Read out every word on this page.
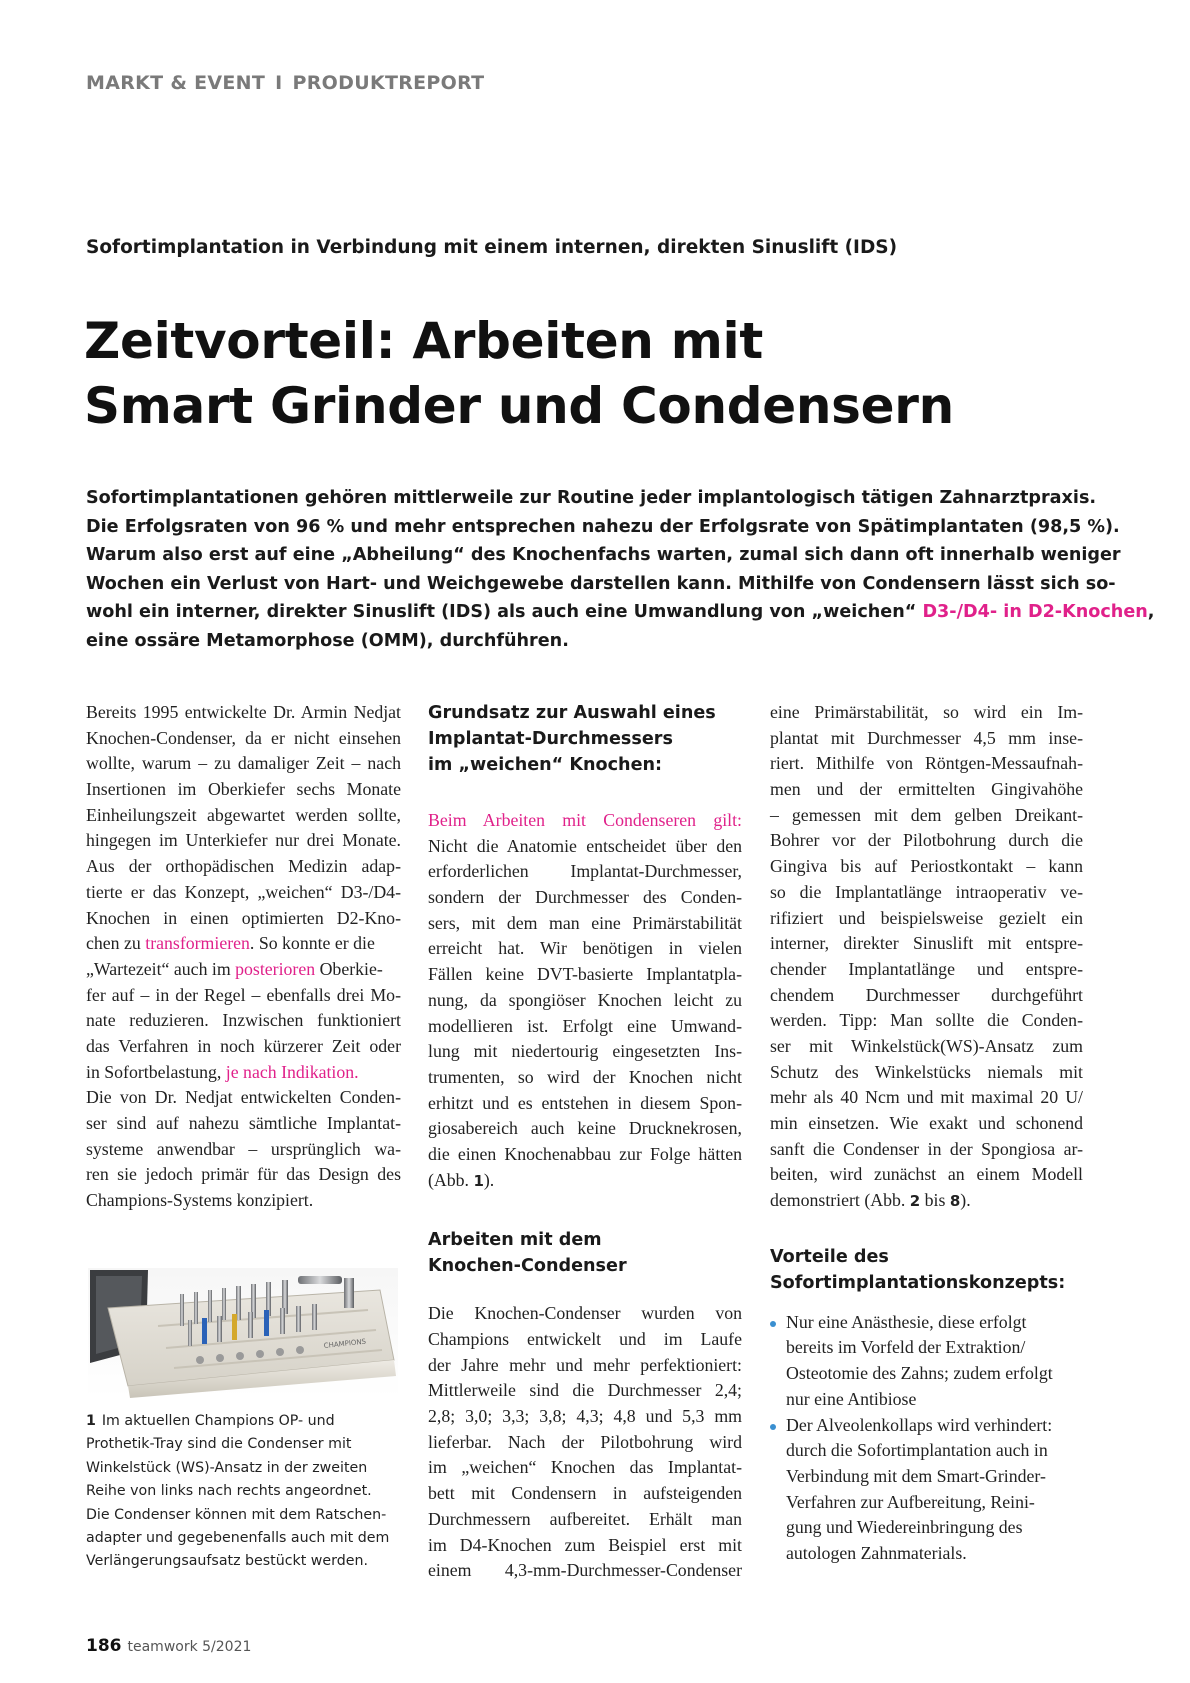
MARKT & EVENT I PRODUKTREPORT
Sofortimplantation in Verbindung mit einem internen, direkten Sinuslift (IDS)
Zeitvorteil: Arbeiten mit
Smart Grinder und Condensern
Sofortimplantationen gehören mittlerweile zur Routine jeder implantologisch tätigen Zahnarztpraxis.
Die Erfolgsraten von 96 % und mehr entsprechen nahezu der Erfolgsrate von Spätimplantaten (98,5 %).
Warum also erst auf eine „Abheilung“ des Knochenfachs warten, zumal sich dann oft innerhalb weniger
Wochen ein Verlust von Hart- und Weichgewebe darstellen kann. Mithilfe von Condensern lässt sich so-
wohl ein interner, direkter Sinuslift (IDS) als auch eine Umwandlung von „weichen“ D3-/D4- in D2-Knochen,
eine ossäre Metamorphose (OMM), durchführen.
Bereits 1995 entwickelte Dr. Armin Nedjat
Knochen-Condenser, da er nicht einsehen
wollte, warum – zu damaliger Zeit – nach
Insertionen im Oberkiefer sechs Monate
Einheilungszeit abgewartet werden sollte,
hingegen im Unterkiefer nur drei Monate.
Aus der orthopädischen Medizin adap-
tierte er das Konzept, „weichen“ D3-/D4-
Knochen in einen optimierten D2-Kno-
chen zu transformieren. So konnte er die
„Wartezeit“ auch im posterioren Oberkie-
fer auf – in der Regel – ebenfalls drei Mo-
nate reduzieren. Inzwischen funktioniert
das Verfahren in noch kürzerer Zeit oder
in Sofortbelastung, je nach Indikation.
Die von Dr. Nedjat entwickelten Conden-
ser sind auf nahezu sämtliche Implantat-
systeme anwendbar – ursprünglich wa-
ren sie jedoch primär für das Design des
Champions-Systems konzipiert.
CHAMPIONS
1 Im aktuellen Champions OP- und
Prothetik-Tray sind die Condenser mit
Winkelstück (WS)-Ansatz in der zweiten
Reihe von links nach rechts angeordnet.
Die Condenser können mit dem Ratschen-
adapter und gegebenenfalls auch mit dem
Verlängerungsaufsatz bestückt werden.
Grundsatz zur Auswahl eines
Implantat-Durchmessers
im „weichen“ Knochen:
Beim Arbeiten mit Condenseren gilt:
Nicht die Anatomie entscheidet über den
erforderlichen Implantat-Durchmesser,
sondern der Durchmesser des Conden-
sers, mit dem man eine Primärstabilität
erreicht hat. Wir benötigen in vielen
Fällen keine DVT-basierte Implantatpla-
nung, da spongiöser Knochen leicht zu
modellieren ist. Erfolgt eine Umwand-
lung mit niedertourig eingesetzten Ins-
trumenten, so wird der Knochen nicht
erhitzt und es entstehen in diesem Spon-
giosabereich auch keine Drucknekrosen,
die einen Knochenabbau zur Folge hätten
(Abb. 1).
Arbeiten mit dem
Knochen-Condenser
Die Knochen-Condenser wurden von
Champions entwickelt und im Laufe
der Jahre mehr und mehr perfektioniert:
Mittlerweile sind die Durchmesser 2,4;
2,8; 3,0; 3,3; 3,8; 4,3; 4,8 und 5,3 mm
lieferbar. Nach der Pilotbohrung wird
im „weichen“ Knochen das Implantat-
bett mit Condensern in aufsteigenden
Durchmessern aufbereitet. Erhält man
im D4-Knochen zum Beispiel erst mit
einem 4,3-mm-Durchmesser-Condenser
eine Primärstabilität, so wird ein Im-
plantat mit Durchmesser 4,5 mm inse-
riert. Mithilfe von Röntgen-Messaufnah-
men und der ermittelten Gingivahöhe
– gemessen mit dem gelben Dreikant-
Bohrer vor der Pilotbohrung durch die
Gingiva bis auf Periostkontakt – kann
so die Implantatlänge intraoperativ ve-
rifiziert und beispielsweise gezielt ein
interner, direkter Sinuslift mit entspre-
chender Implantatlänge und entspre-
chendem Durchmesser durchgeführt
werden. Tipp: Man sollte die Conden-
ser mit Winkelstück(WS)-Ansatz zum
Schutz des Winkelstücks niemals mit
mehr als 40 Ncm und mit maximal 20 U/
min einsetzen. Wie exakt und schonend
sanft die Condenser in der Spongiosa ar-
beiten, wird zunächst an einem Modell
demonstriert (Abb. 2 bis 8).
Vorteile des
Sofortimplantationskonzepts:
Nur eine Anästhesie, diese erfolgt
bereits im Vorfeld der Extraktion/
Osteotomie des Zahns; zudem erfolgt
nur eine Antibiose
Der Alveolenkollaps wird verhindert:
durch die Sofortimplantation auch in
Verbindung mit dem Smart-Grinder-
Verfahren zur Aufbereitung, Reini-
gung und Wiedereinbringung des
autologen Zahnmaterials.
186 teamwork 5/2021
